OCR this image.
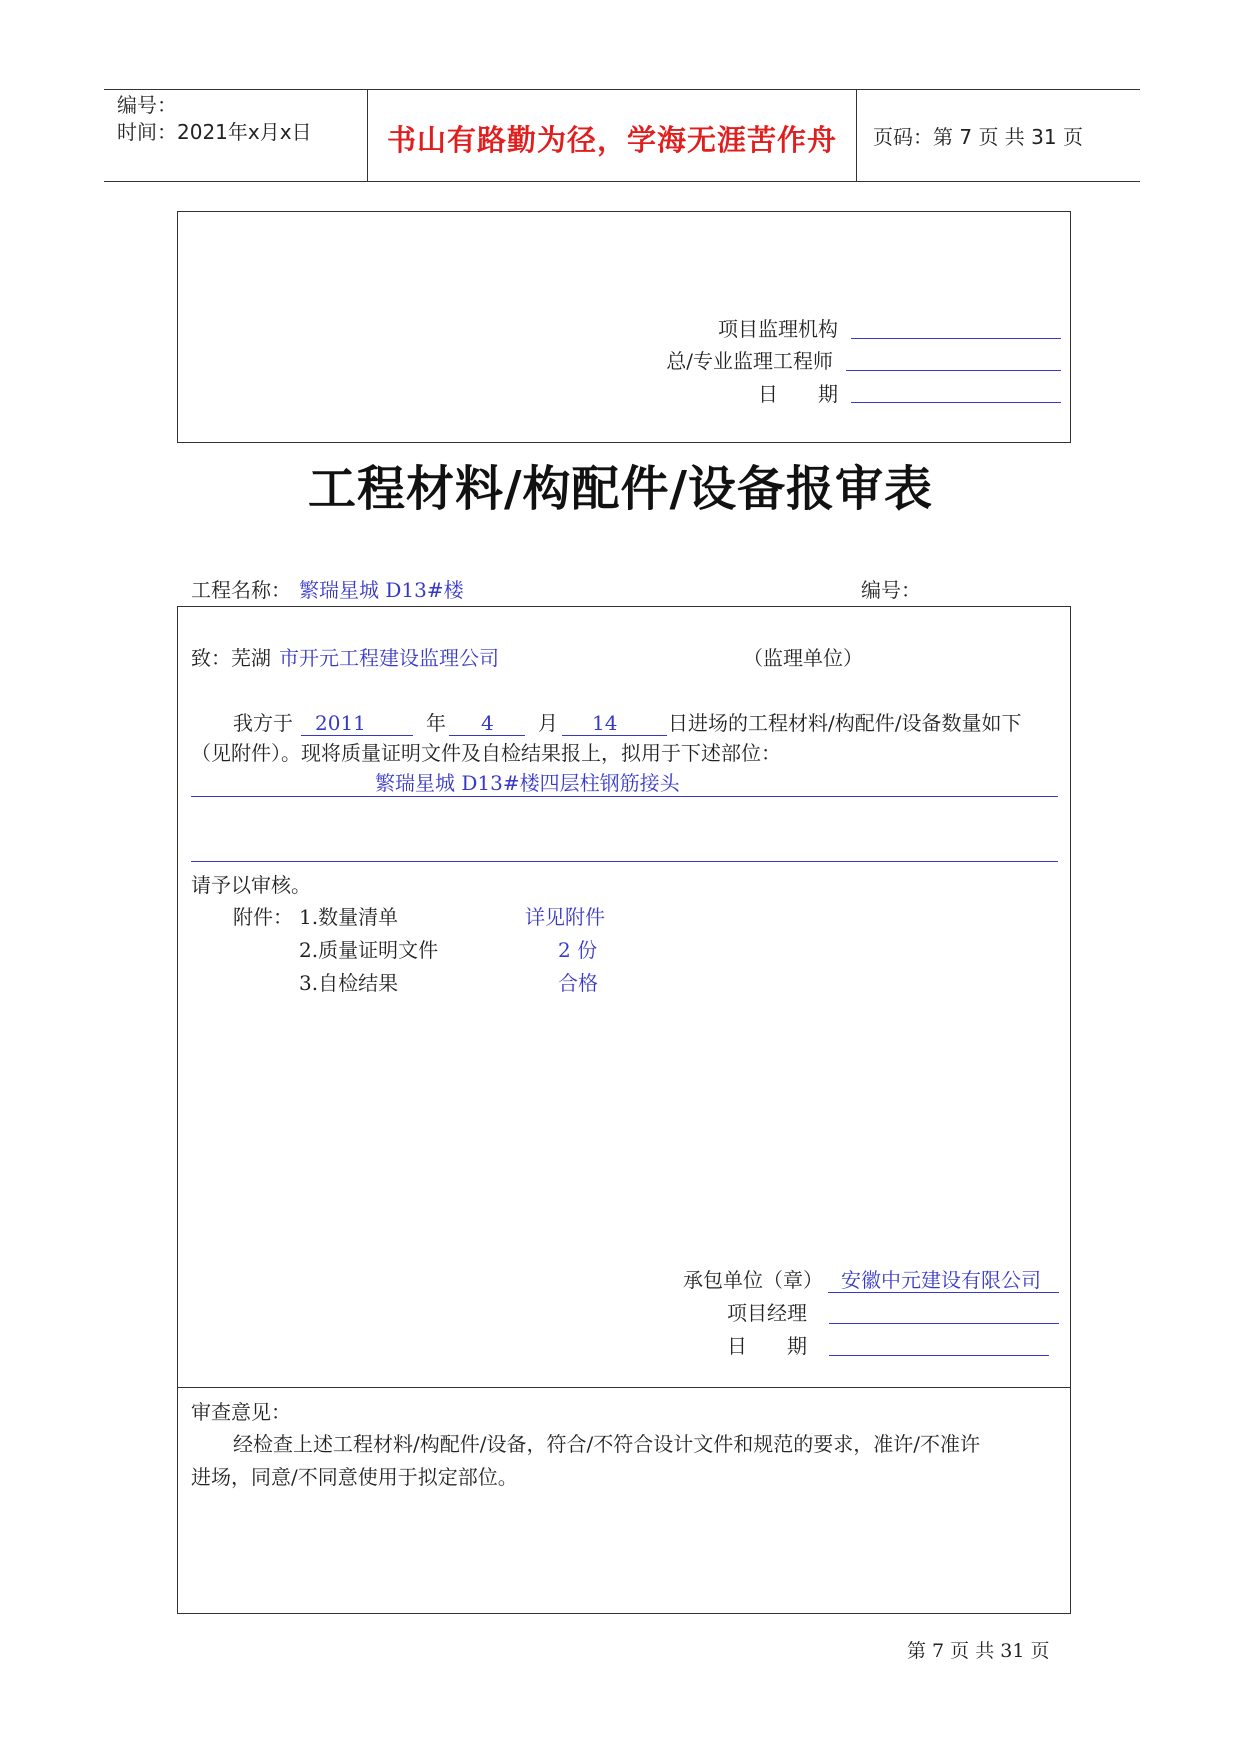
编号：
时间：2021年x月x日	书山有路勤为径，学海无涯苦作舟	页码：第 7 页 共 31 页
项目监理机构
总/专业监理工程师
日　　期
工程材料/构配件/设备报审表
工程名称： 繁瑞星城 D13#楼	编号：
致：芜湖 市开元工程建设监理公司	（监理单位）
我方于	2011	年	4	月	14	日进场的工程材料/构配件/设备数量如下
（见附件）。现将质量证明文件及自检结果报上，拟用于下述部位：
繁瑞星城 D13#楼四层柱钢筋接头
请予以审核。
附件： 1.数量清单	详见附件
2.质量证明文件	2 份
3.自检结果	合格
承包单位（章） 安徽中元建设有限公司
项目经理
日　　期
审查意见：
经检查上述工程材料/构配件/设备，符合/不符合设计文件和规范的要求，准许/不准许
进场，同意/不同意使用于拟定部位。
第 7 页 共 31 页
